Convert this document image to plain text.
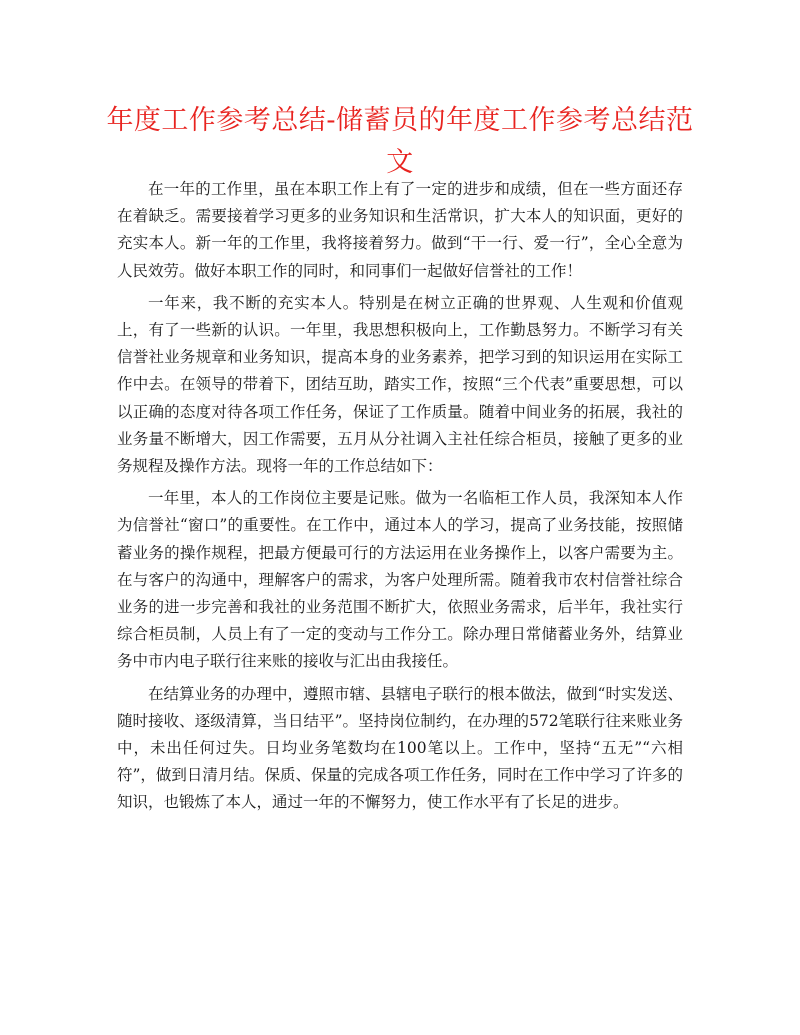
年度工作参考总结-储蓄员的年度工作参考总结范文

在一年的工作里，虽在本职工作上有了一定的进步和成绩，但在一些方面还存在着缺乏。需要接着学习更多的业务知识和生活常识，扩大本人的知识面，更好的充实本人。新一年的工作里，我将接着努力。做到“干一行、爱一行”，全心全意为人民效劳。做好本职工作的同时，和同事们一起做好信誉社的工作！

一年来，我不断的充实本人。特别是在树立正确的世界观、人生观和价值观上，有了一些新的认识。一年里，我思想积极向上，工作勤恳努力。不断学习有关信誉社业务规章和业务知识，提高本身的业务素养，把学习到的知识运用在实际工作中去。在领导的带着下，团结互助，踏实工作，按照“三个代表”重要思想，可以以正确的态度对待各项工作任务，保证了工作质量。随着中间业务的拓展，我社的业务量不断增大，因工作需要，五月从分社调入主社任综合柜员，接触了更多的业务规程及操作方法。现将一年的工作总结如下：

一年里，本人的工作岗位主要是记账。做为一名临柜工作人员，我深知本人作为信誉社“窗口”的重要性。在工作中，通过本人的学习，提高了业务技能，按照储蓄业务的操作规程，把最方便最可行的方法运用在业务操作上，以客户需要为主。在与客户的沟通中，理解客户的需求，为客户处理所需。随着我市农村信誉社综合业务的进一步完善和我社的业务范围不断扩大，依照业务需求，后半年，我社实行综合柜员制，人员上有了一定的变动与工作分工。除办理日常储蓄业务外，结算业务中市内电子联行往来账的接收与汇出由我接任。

在结算业务的办理中，遵照市辖、县辖电子联行的根本做法，做到“时实发送、随时接收、逐级清算，当日结平”。坚持岗位制约，在办理的572笔联行往来账业务中，未出任何过失。日均业务笔数均在100笔以上。工作中，坚持“五无”“六相符”，做到日清月结。保质、保量的完成各项工作任务，同时在工作中学习了许多的知识，也锻炼了本人，通过一年的不懈努力，使工作水平有了长足的进步。
